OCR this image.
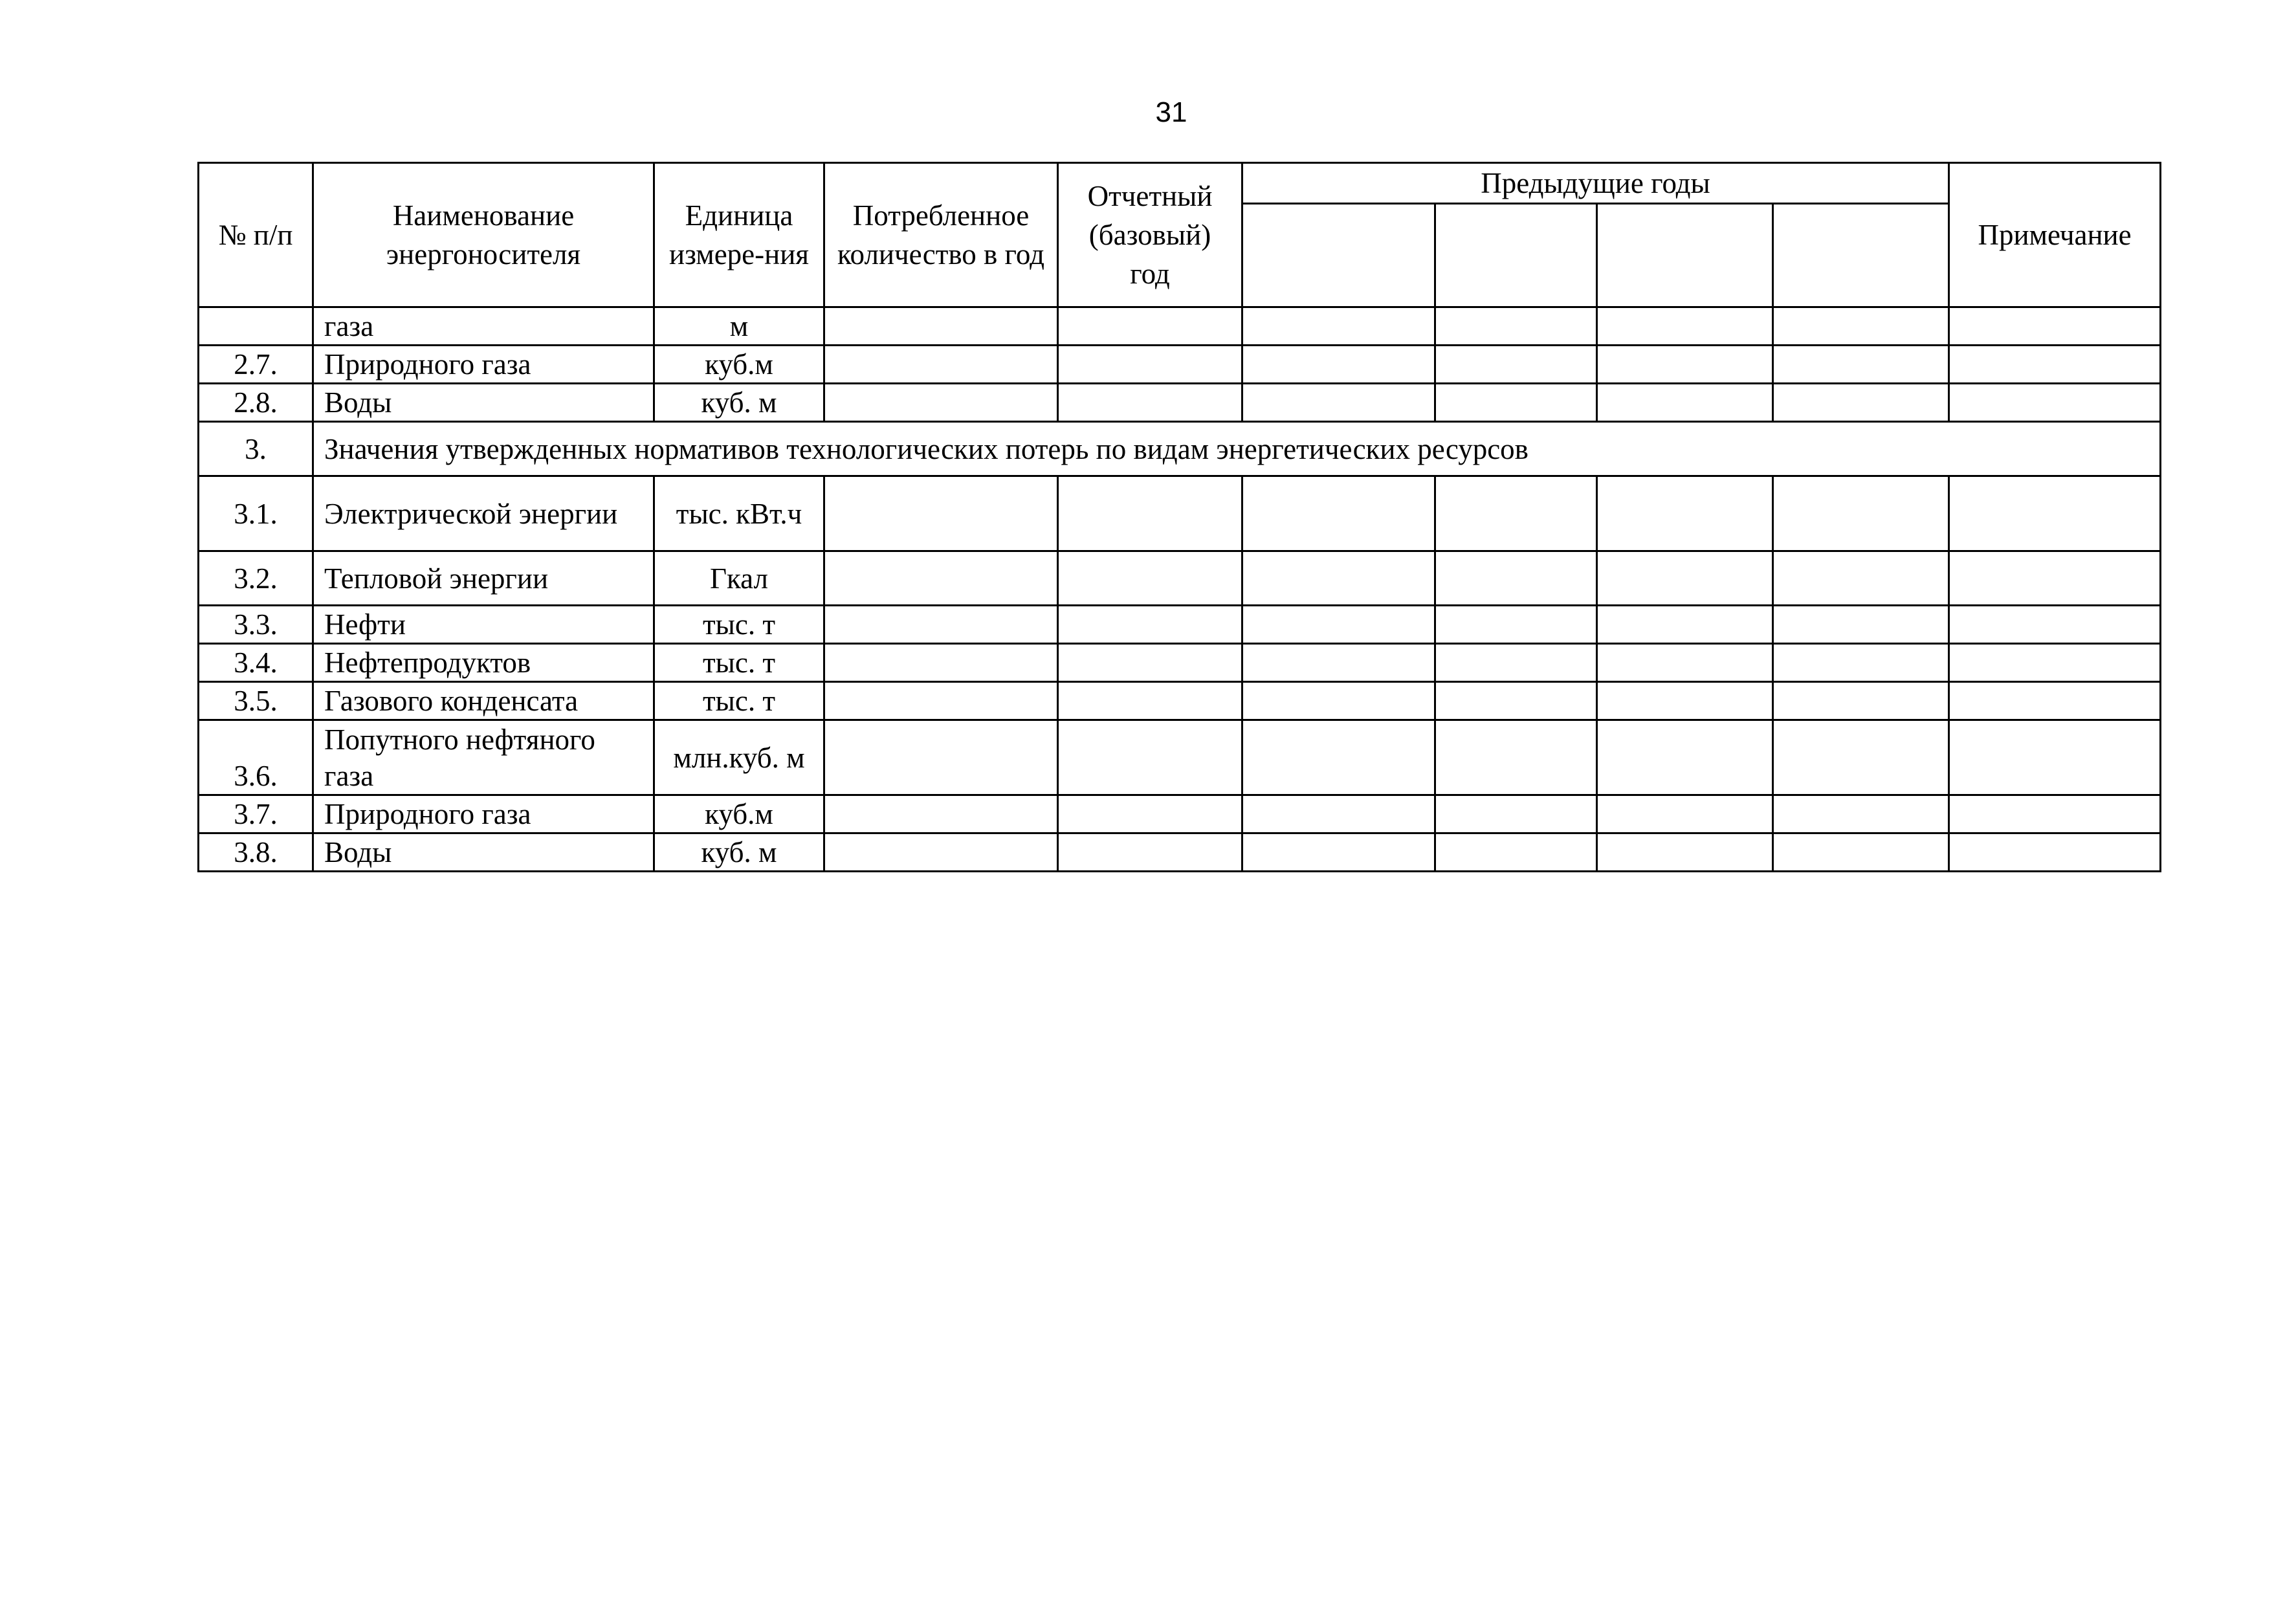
31
№ п/п	Наименование энергоносителя	Единица измере-ния	Потребленное количество в год	Отчетный (базовый) год	Предыдущие годы				Примечание

	газа	м							
2.7.	Природного газа	куб.м							
2.8.	Воды	куб. м							
3.	Значения утвержденных нормативов технологических потерь по видам энергетических ресурсов								
3.1.	Электрической энергии	тыс. кВт.ч							
3.2.	Тепловой энергии	Гкал							
3.3.	Нефти	тыс. т							
3.4.	Нефтепродуктов	тыс. т							
3.5.	Газового конденсата	тыс. т							
3.6.	Попутного нефтяного газа	млн.куб. м							
3.7.	Природного газа	куб.м							
3.8.	Воды	куб. м							
